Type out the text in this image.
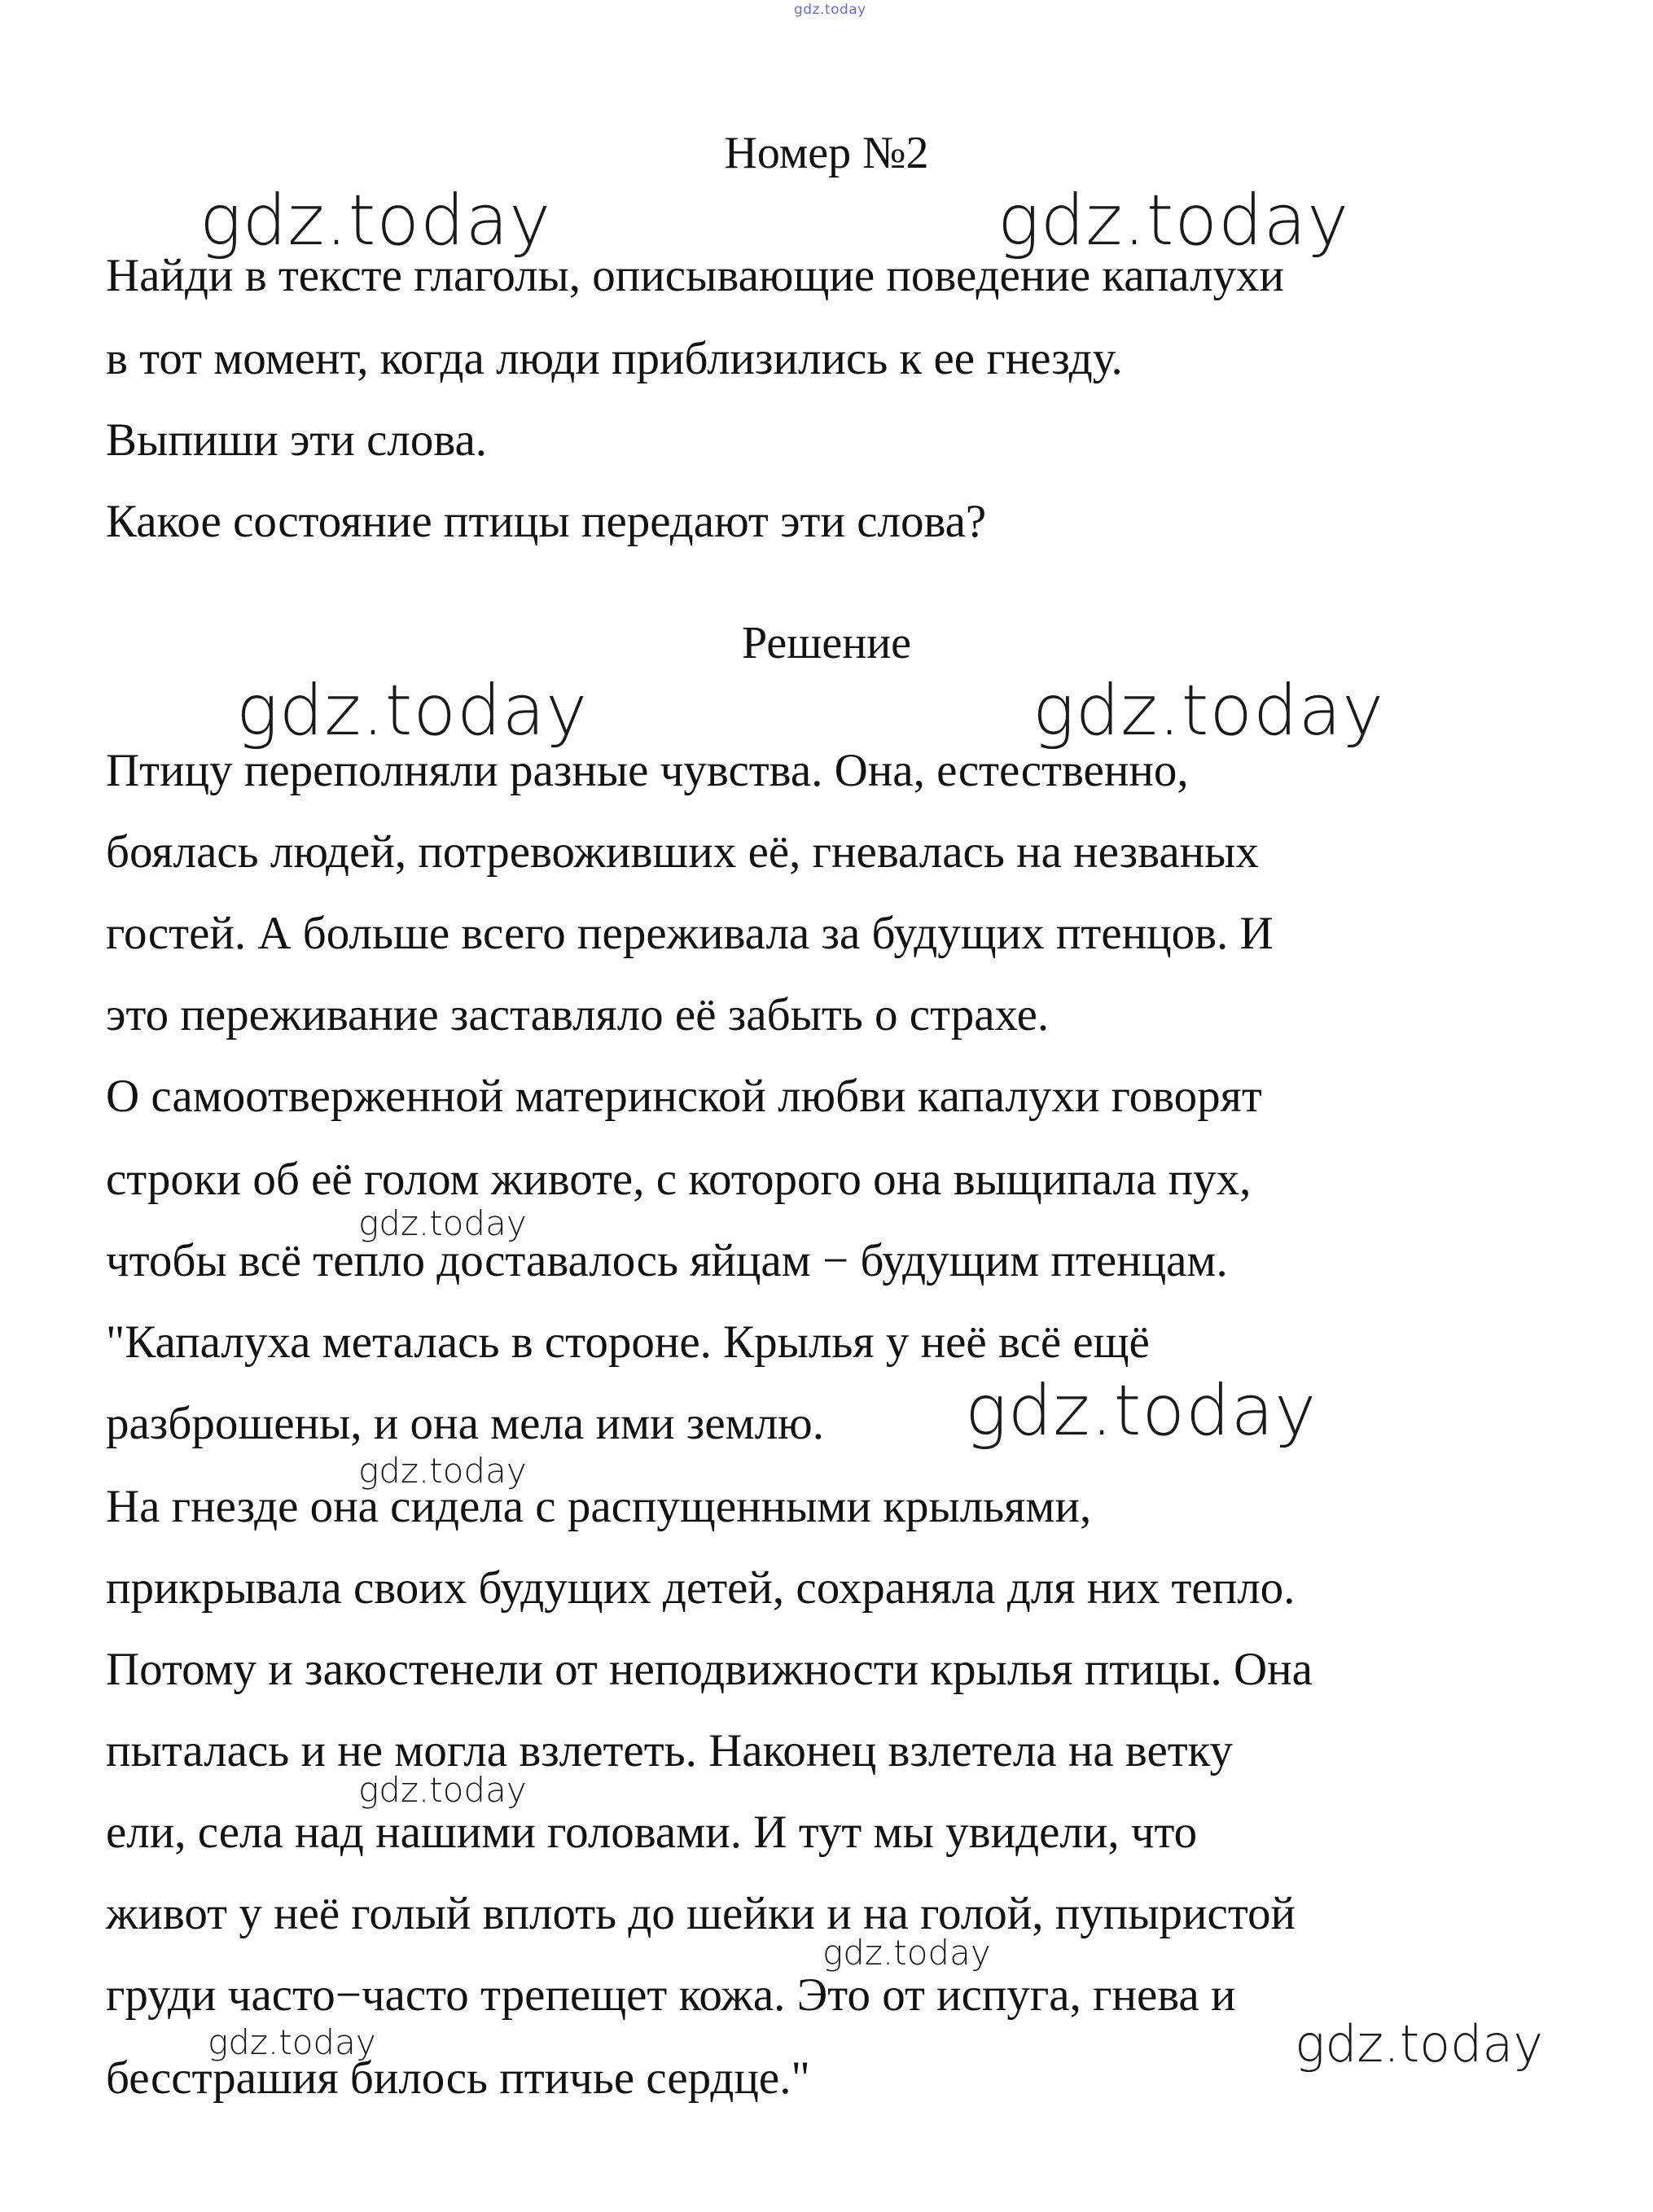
gdz.today
Номер №2
Найди в тексте глаголы, описывающие поведение капалухи
в тот момент, когда люди приблизились к ее гнезду.
Выпиши эти слова.
Какое состояние птицы передают эти слова?
Решение
Птицу переполняли разные чувства. Она, естественно,
боялась людей, потревоживших её, гневалась на незваных
гостей. А больше всего переживала за будущих птенцов. И
это переживание заставляло её забыть о страхе.
О самоотверженной материнской любви капалухи говорят
строки об её голом животе, с которого она выщипала пух,
чтобы всё тепло доставалось яйцам − будущим птенцам.
"Капалуха металась в стороне. Крылья у неё всё ещё
разброшены, и она мела ими землю.
На гнезде она сидела с распущенными крыльями,
прикрывала своих будущих детей, сохраняла для них тепло.
Потому и закостенели от неподвижности крылья птицы. Она
пыталась и не могла взлететь. Наконец взлетела на ветку
ели, села над нашими головами. И тут мы увидели, что
живот у неё голый вплоть до шейки и на голой, пупыристой
груди часто−часто трепещет кожа. Это от испуга, гнева и
бесстрашия билось птичье сердце."
gdz.today	gdz.today
gdz.today	gdz.today
gdz.today
gdz.today
gdz.today
gdz.today
gdz.today
gdz.today	gdz.today
